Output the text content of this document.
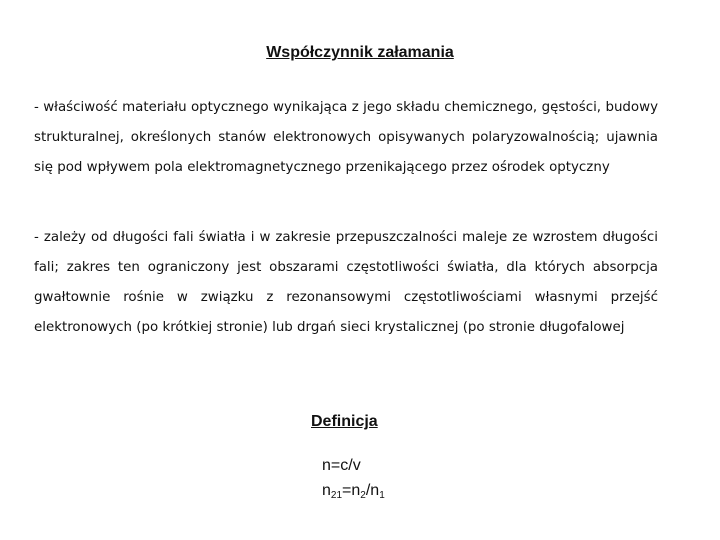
Współczynnik załamania
- właściwość materiału optycznego wynikająca z jego składu chemicznego, gęstości, budowy strukturalnej, określonych stanów elektronowych opisywanych polaryzowalnością; ujawnia się pod wpływem pola elektromagnetycznego przenikającego przez ośrodek optyczny
- zależy od długości fali światła i w zakresie przepuszczalności maleje ze wzrostem długości fali; zakres ten ograniczony jest obszarami częstotliwości światła, dla których absorpcja gwałtownie rośnie w związku z rezonansowymi częstotliwościami własnymi przejść elektronowych (po krótkiej stronie) lub drgań sieci krystalicznej (po stronie długofalowej
Definicja
n=c/v
$n_{21}=n_2/n_1$
